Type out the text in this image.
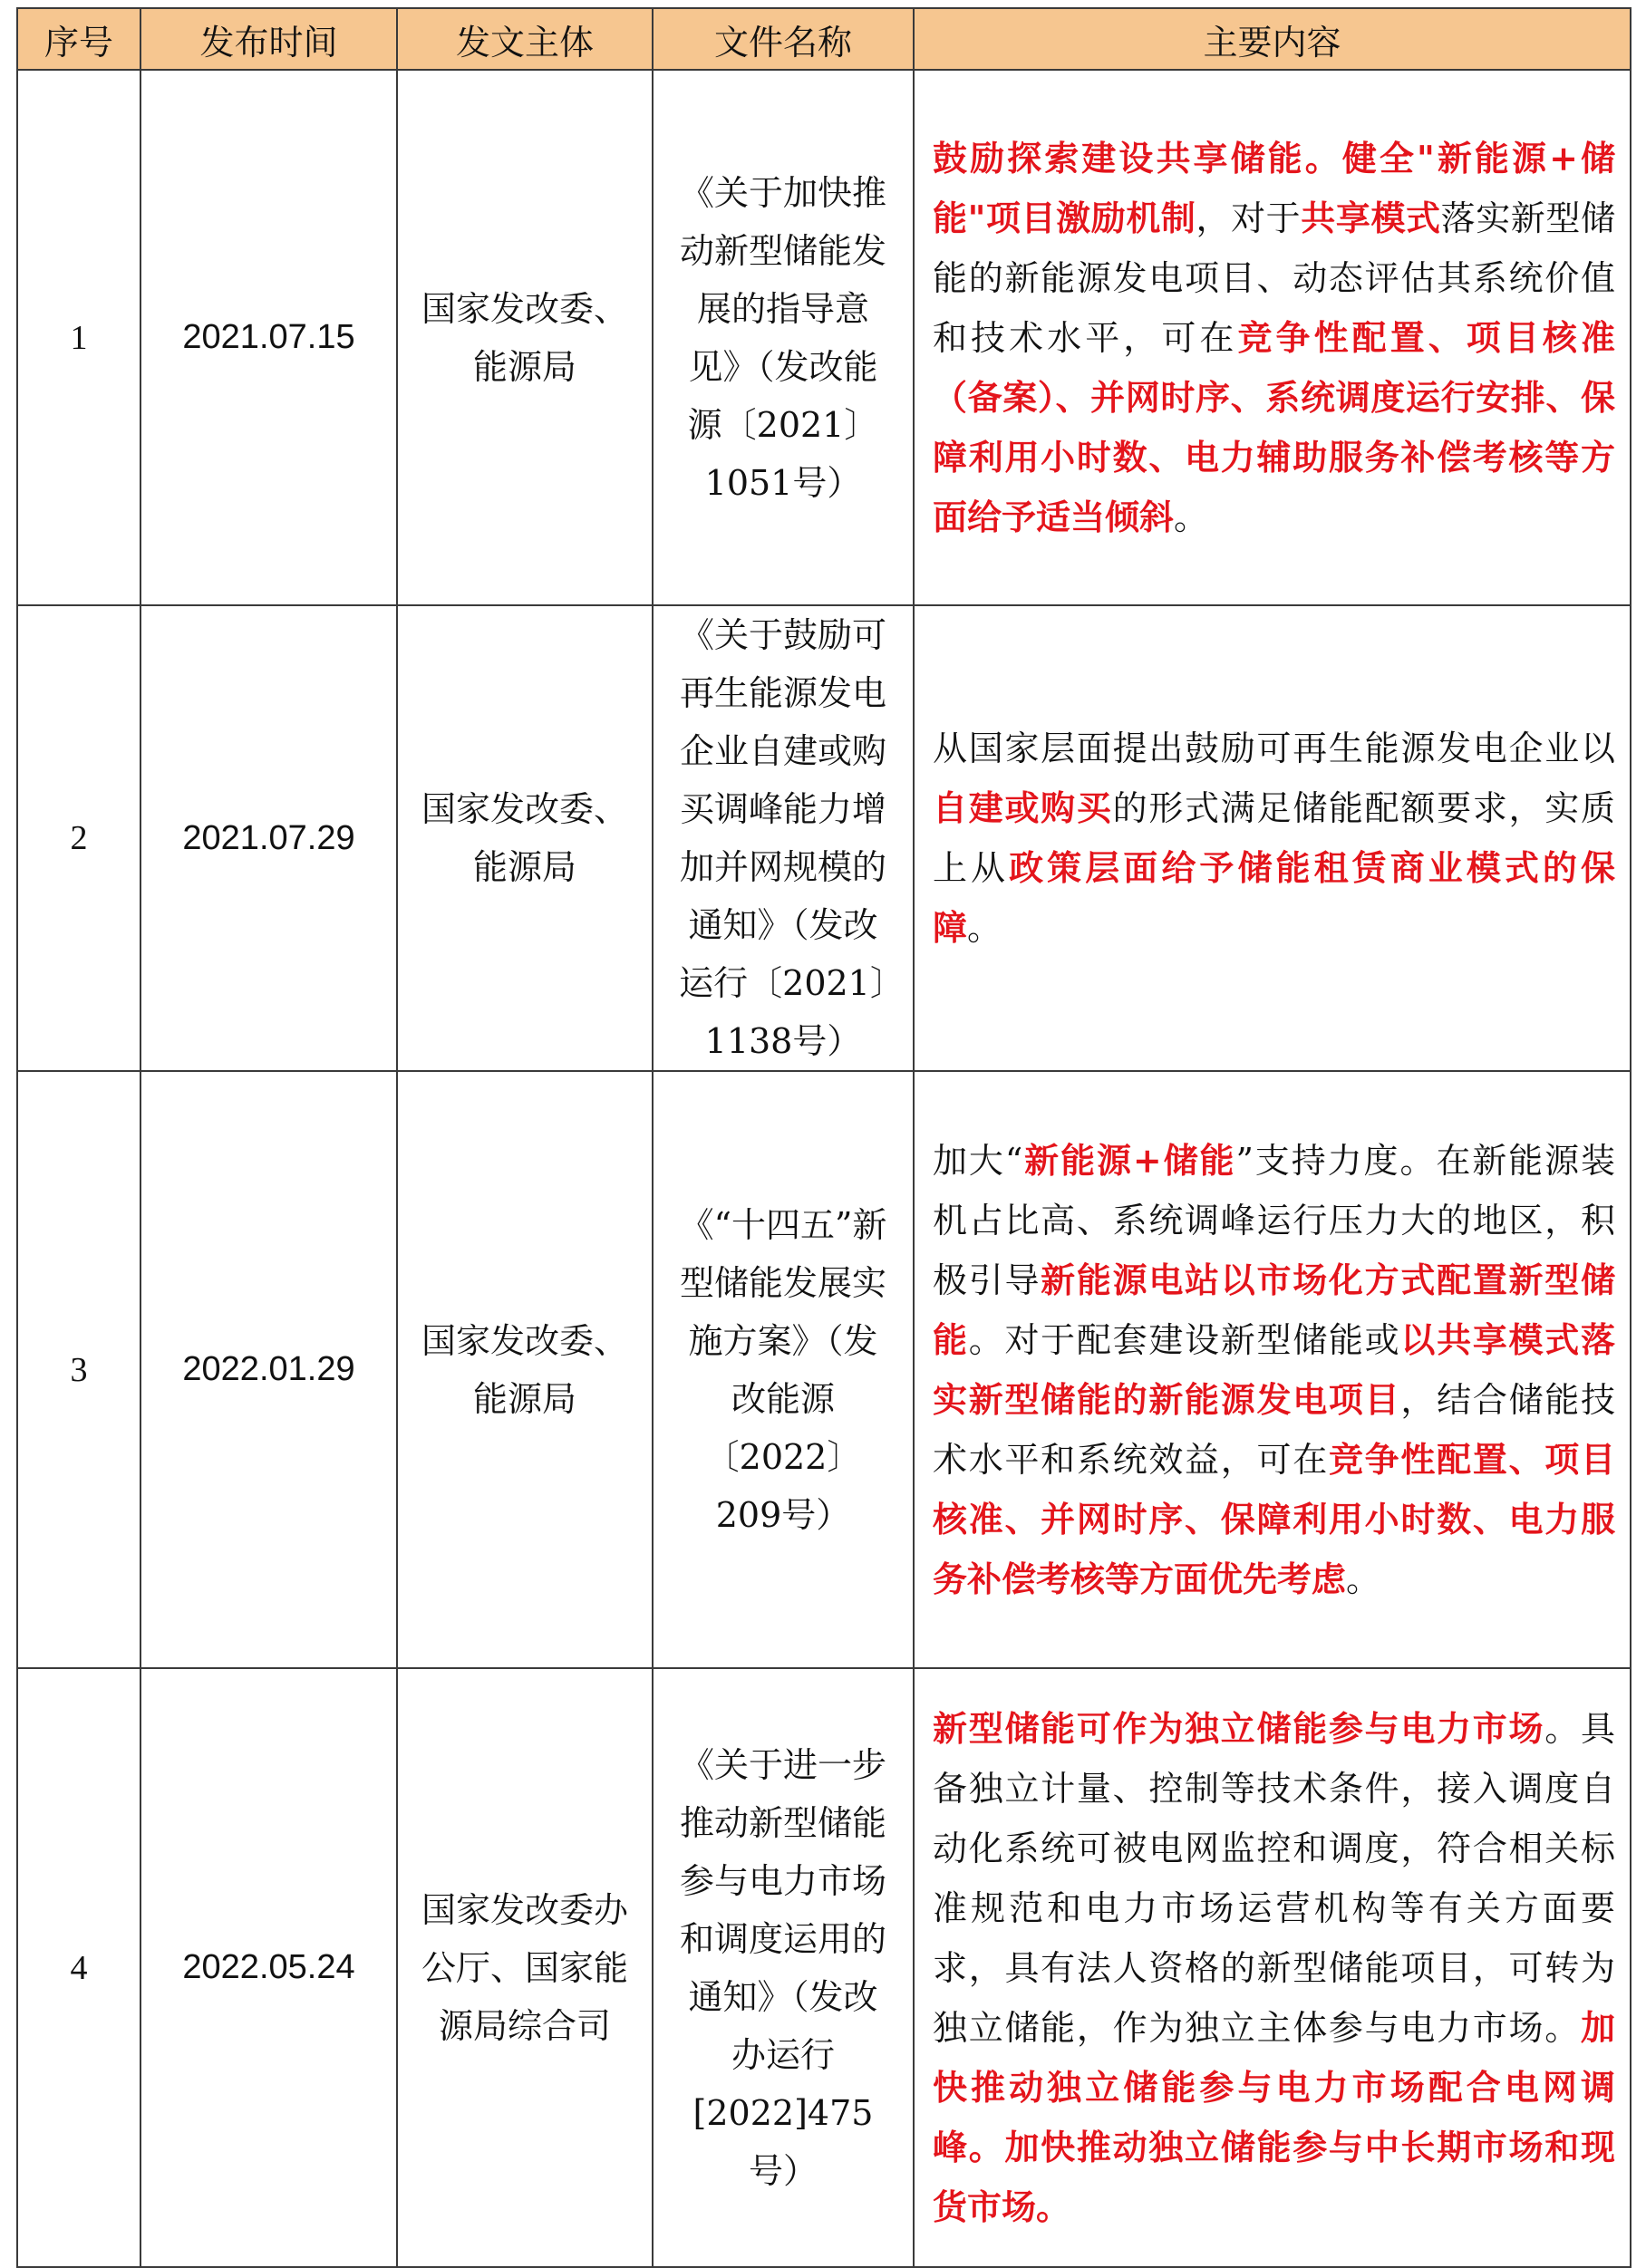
序号	发布时间	发文主体	文件名称	主要内容
1	2021.07.15	国家发改委、能源局	《关于加快推动新型储能发展的指导意见》（发改能源〔2021〕1051号）	鼓励探索建设共享储能。健全"新能源+储能"项目激励机制，对于共享模式落实新型储能的新能源发电项目、动态评估其系统价值和技术水平，可在竞争性配置、项目核准（备案）、并网时序、系统调度运行安排、保障利用小时数、电力辅助服务补偿考核等方面给予适当倾斜。
2	2021.07.29	国家发改委、能源局	《关于鼓励可再生能源发电企业自建或购买调峰能力增加并网规模的通知》（发改运行〔2021〕1138号）	从国家层面提出鼓励可再生能源发电企业以自建或购买的形式满足储能配额要求，实质上从政策层面给予储能租赁商业模式的保障。
3	2022.01.29	国家发改委、能源局	《“十四五”新型储能发展实施方案》（发改能源〔2022〕209号）	加大“新能源+储能”支持力度。在新能源装机占比高、系统调峰运行压力大的地区，积极引导新能源电站以市场化方式配置新型储能。对于配套建设新型储能或以共享模式落实新型储能的新能源发电项目，结合储能技术水平和系统效益，可在竞争性配置、项目核准、并网时序、保障利用小时数、电力服务补偿考核等方面优先考虑。
4	2022.05.24	国家发改委办公厅、国家能源局综合司	《关于进一步推动新型储能参与电力市场和调度运用的通知》（发改办运行[2022]475号）	新型储能可作为独立储能参与电力市场。具备独立计量、控制等技术条件，接入调度自动化系统可被电网监控和调度，符合相关标准规范和电力市场运营机构等有关方面要求，具有法人资格的新型储能项目，可转为独立储能，作为独立主体参与电力市场。加快推动独立储能参与电力市场配合电网调峰。加快推动独立储能参与中长期市场和现货市场。
